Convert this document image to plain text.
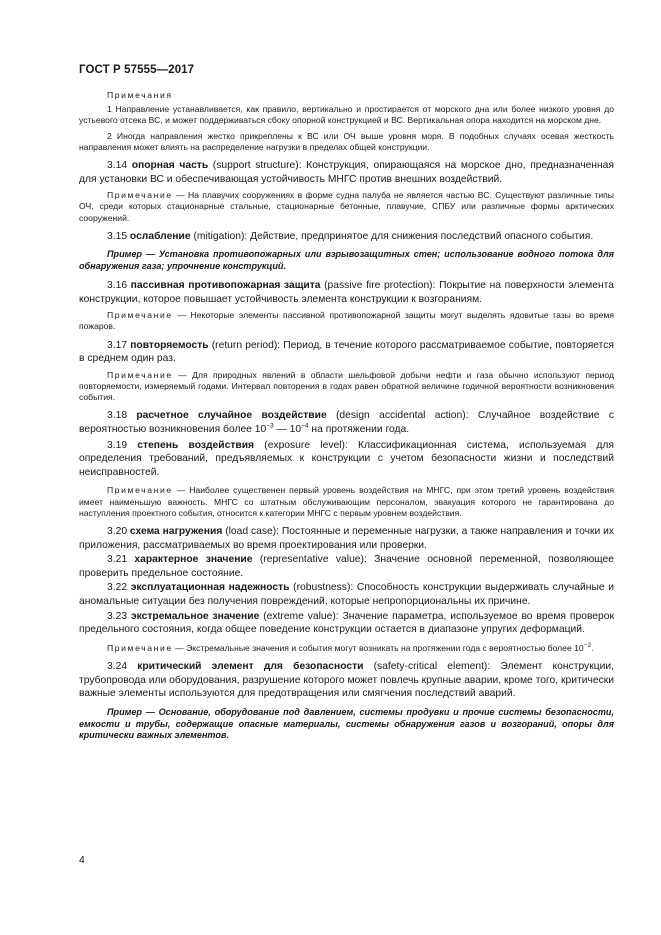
ГОСТ Р 57555—2017

Примечания

1 Направление устанавливается, как правило, вертикально и простирается от морского дна или более низкого уровня до устьевого отсека ВС, и может поддерживаться сбоку опорной конструкцией и ВС. Вертикальная опора находится на морском дне.

2 Иногда направления жестко прикреплены к ВС или ОЧ выше уровня моря. В подобных случаях осевая жесткость направления может влиять на распределение нагрузки в пределах общей конструкции.

3.14 опорная часть (support structure): Конструкция, опирающаяся на морское дно, предназначенная для установки ВС и обеспечивающая устойчивость МНГС против внешних воздействий.

Примечание — На плавучих сооружениях в форме судна палуба не является частью ВС. Существуют различные типы ОЧ, среди которых стационарные стальные, стационарные бетонные, плавучие, СПБУ или различные формы арктических сооружений.

3.15 ослабление (mitigation): Действие, предпринятое для снижения последствий опасного события.

Пример — Установка противопожарных или взрывозащитных стен; использование водного потока для обнаружения газа; упрочнение конструкций.

3.16 пассивная противопожарная защита (passive fire protection): Покрытие на поверхности элемента конструкции, которое повышает устойчивость элемента конструкции к возгораниям.

Примечание — Некоторые элементы пассивной противопожарной защиты могут выделять ядовитые газы во время пожаров.

3.17 повторяемость (return period): Период, в течение которого рассматриваемое событие, повторяется в среднем один раз.

Примечание — Для природных явлений в области шельфовой добычи нефти и газа обычно используют период повторяемости, измеряемый годами. Интервал повторения в годах равен обратной величине годичной вероятности возникновения события.

3.18 расчетное случайное воздействие (design accidental action): Случайное воздействие с вероятностью возникновения более $10^{-3}$ — $10^{-4}$ на протяжении года.

3.19 степень воздействия (exposure level): Классификационная система, используемая для определения требований, предъявляемых к конструкции с учетом безопасности жизни и последствий неисправностей.

Примечание — Наиболее существенен первый уровень воздействия на МНГС, при этом третий уровень воздействия имеет наименьшую важность. МНГС со штатным обслуживающим персоналом, эвакуация которого не гарантирована до наступления проектного события, относится к категории МНГС с первым уровнем воздействия.

3.20 схема нагружения (load case): Постоянные и переменные нагрузки, а также направления и точки их приложения, рассматриваемых во время проектирования или проверки.

3.21 характерное значение (representative value): Значение основной переменной, позволяющее проверить предельное состояние.

3.22 эксплуатационная надежность (robustness): Способность конструкции выдерживать случайные и аномальные ситуации без получения повреждений, которые непропорциональны их причине.

3.23 экстремальное значение (extreme value): Значение параметра, используемое во время проверок предельного состояния, когда общее поведение конструкции остается в диапазоне упругих деформаций.

Примечание — Экстремальные значения и события могут возникать на протяжении года с вероятностью более $10^{-2}$.

3.24 критический элемент для безопасности (safety-critical element): Элемент конструкции, трубопровода или оборудования, разрушение которого может повлечь крупные аварии, кроме того, критически важные элементы используются для предотвращения или смягчения последствий аварий.

Пример — Основание, оборудование под давлением, системы продувки и прочие системы безопасности, емкости и трубы, содержащие опасные материалы, системы обнаружения газов и возгораний, опоры для критически важных элементов.

4
